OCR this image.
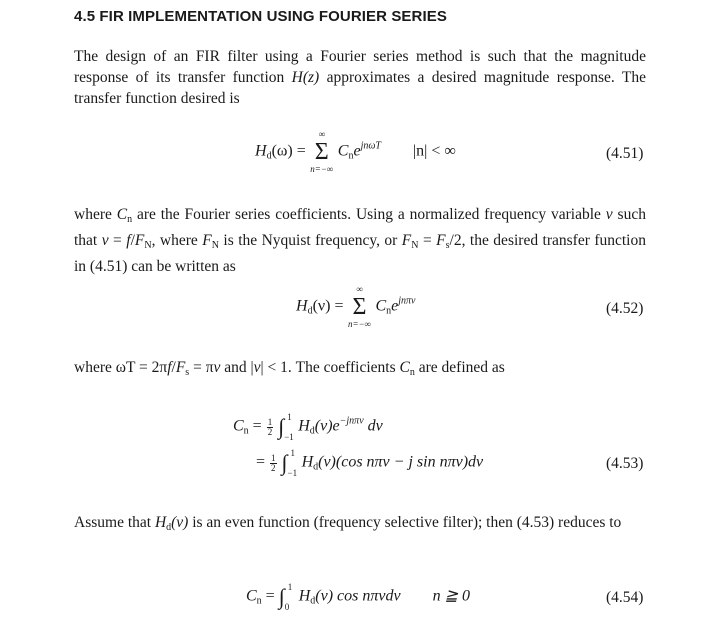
4.5 FIR IMPLEMENTATION USING FOURIER SERIES
The design of an FIR filter using a Fourier series method is such that the magnitude response of its transfer function H(z) approximates a desired magnitude response. The transfer function desired is
$H_d(\omega)$ =
∞
Σ
n=−∞
$C_ne^{jn\omega T}$ |n| < ∞	(4.51)
where $C_n$ are the Fourier series coefficients. Using a normalized frequency variable ν such that $\nu = f/F_N$, where $F_N$ is the Nyquist frequency, or $F_N = F_s/2$, the desired transfer function in (4.51) can be written as
$H_d(\nu)$ =
∞
Σ
n=−∞
$C_ne^{jn\pi\nu}$	(4.52)
where $\omega T = 2\pi f/F_s = \pi\nu$ and |ν| < 1. The coefficients $C_n$ are defined as
$C_n = \frac{1}{2}$ ∫ 1
−1
$H_d(\nu)e^{-jn\pi\nu}$ dν
= $\frac{1}{2}$ ∫ 1
−1
$H_d(\nu)(\cos$ nπν − j sin nπν)dν	(4.53)
Assume that $H_d(\nu)$ is an even function (frequency selective filter); then (4.53) reduces to
$C_n$ = ∫ 1
0
$H_d(\nu)$ cos nπνdν n ≧ 0	(4.54)
